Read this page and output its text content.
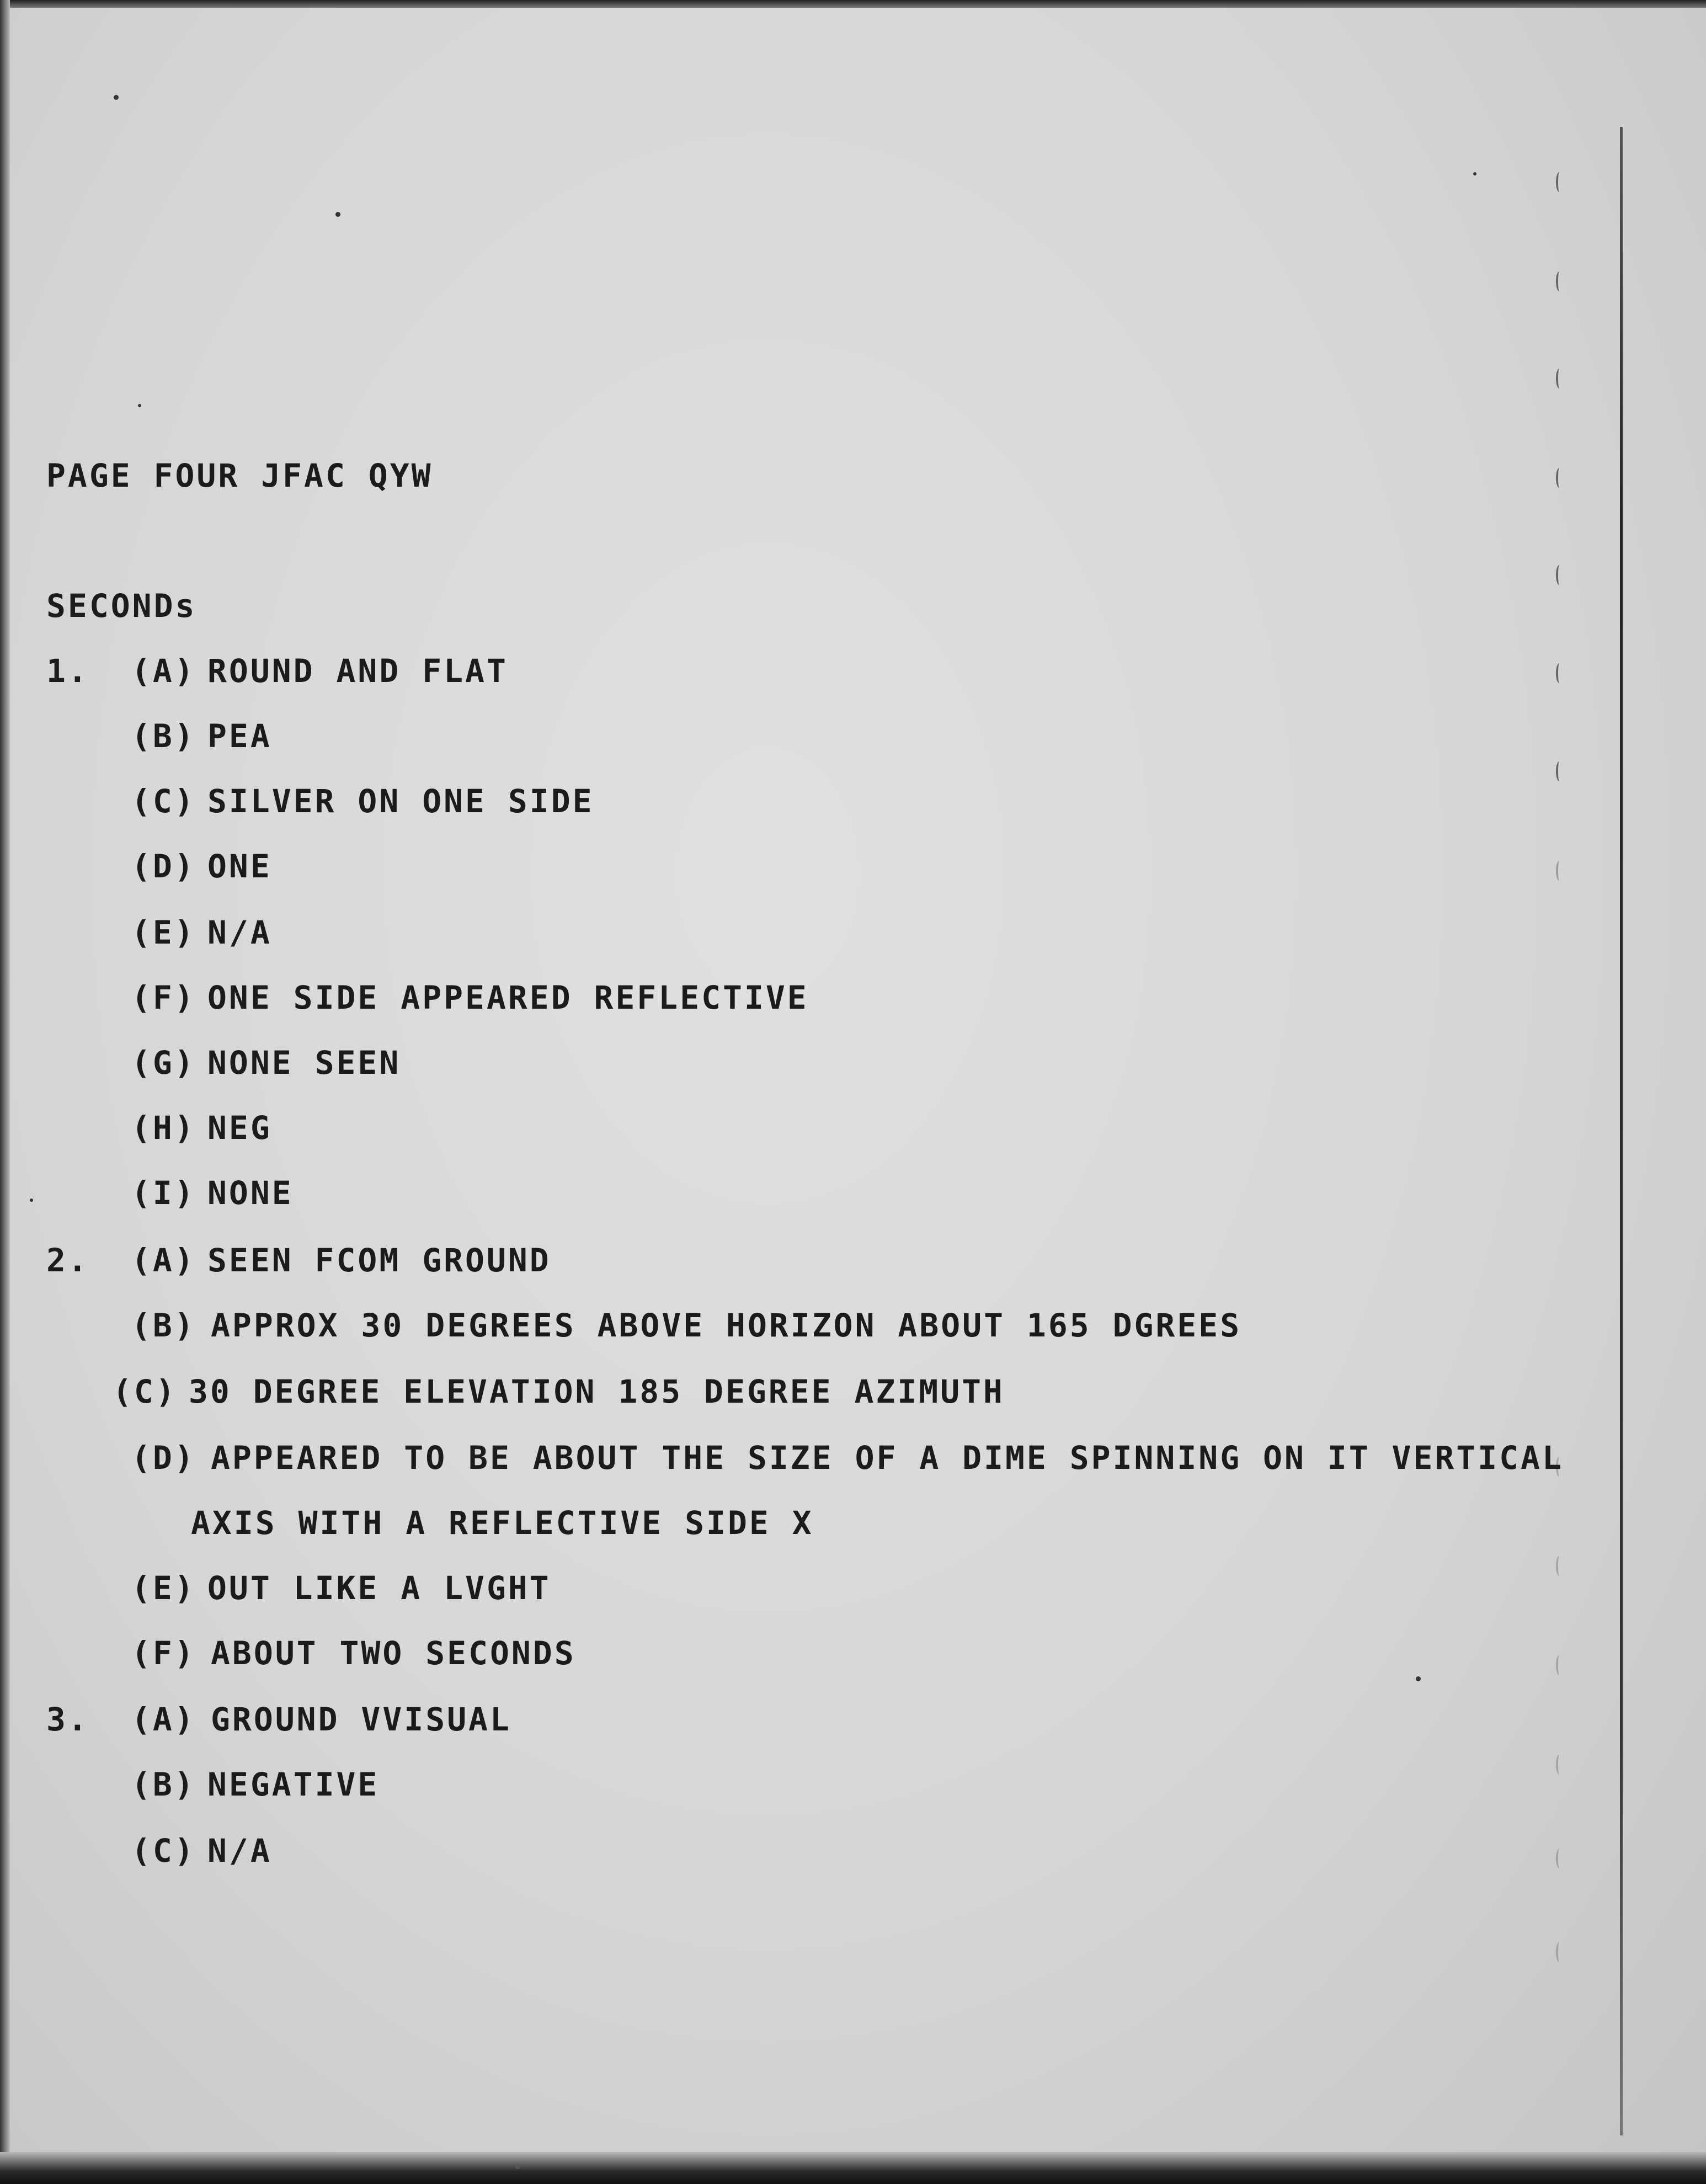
PAGE FOUR JFAC QYW

SECONDs

1.

(A)

ROUND AND FLAT

(B)

PEA

(C)

SILVER ON ONE SIDE

(D)

ONE

(E)

N/A

(F)

ONE SIDE APPEARED REFLECTIVE

(G)

NONE SEEN

(H)

NEG

(I)

NONE

2.

(A)

SEEN FCOM GROUND

(B)

APPROX 30 DEGREES ABOVE HORIZON ABOUT 165 DGREES

(C)

30 DEGREE ELEVATION 185 DEGREE AZIMUTH

(D)

APPEARED TO BE ABOUT THE SIZE OF A DIME SPINNING ON IT VERTICAL

AXIS WITH A REFLECTIVE SIDE X

(E)

OUT LIKE A LVGHT

(F)

ABOUT TWO SECONDS

3.

(A)

GROUND VVISUAL

(B)

NEGATIVE

(C)

N/A
